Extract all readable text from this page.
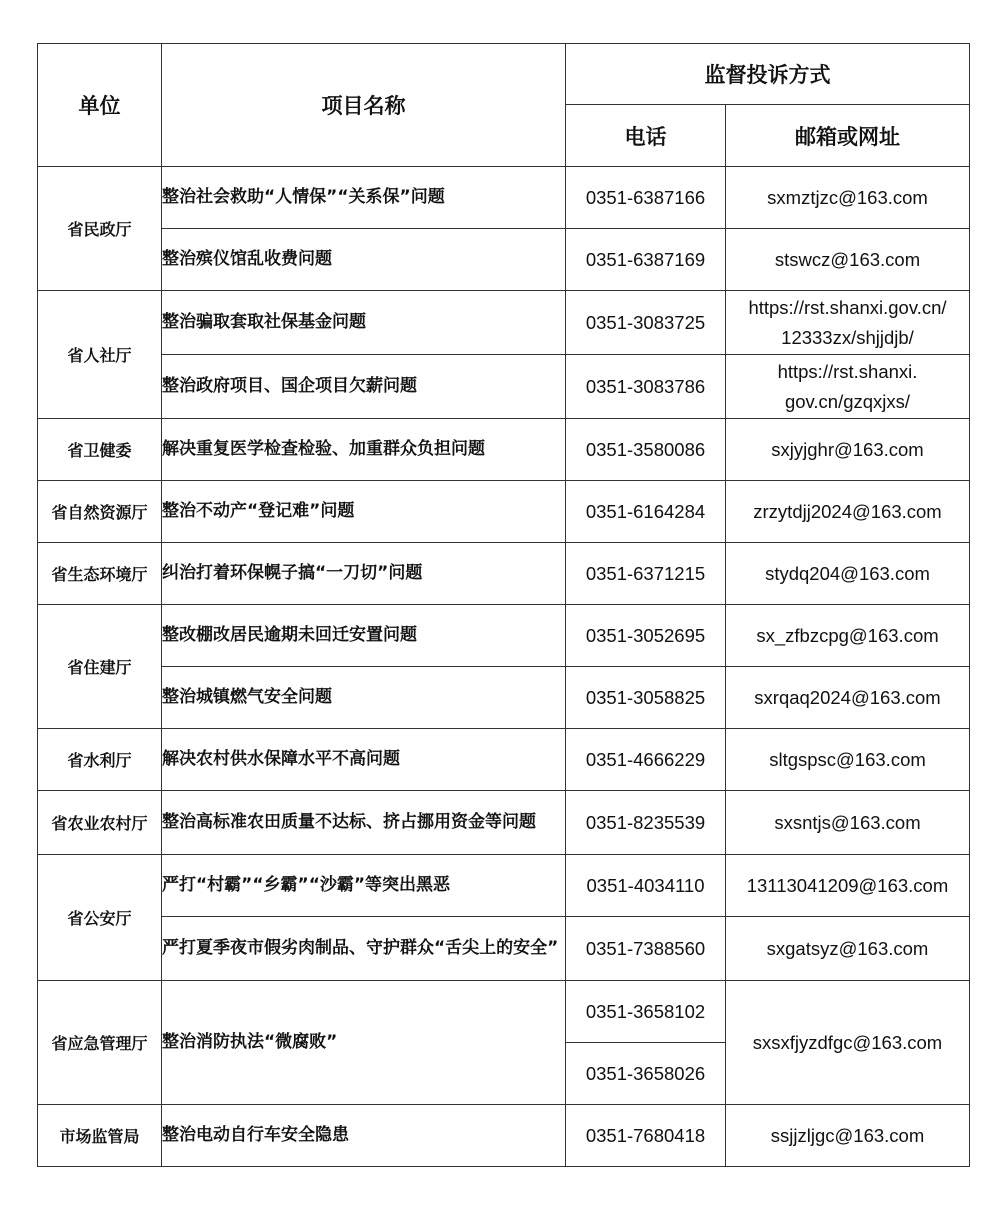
单位	项目名称	监督投诉方式	
		电话	邮箱或网址
省民政厅	整治社会救助“人情保”“关系保”问题	0351-6387166	sxmztjzc@163.com
	整治殡仪馆乱收费问题	0351-6387169	stswcz@163.com
省人社厅	整治骗取套取社保基金问题	0351-3083725	https://rst.shanxi.gov.cn/
12333zx/shjjdjb/

	整治政府项目、国企项目欠薪问题	0351-3083786	https://rst.shanxi.
gov.cn/gzqxjxs/

省卫健委	解决重复医学检查检验、加重群众负担问题	0351-3580086	sxjyjghr@163.com
省自然资源厅	整治不动产“登记难”问题	0351-6164284	zrzytdjj2024@163.com
省生态环境厅	纠治打着环保幌子搞“一刀切”问题	0351-6371215	stydq204@163.com
省住建厅	整改棚改居民逾期未回迁安置问题	0351-3052695	sx_zfbzcpg@163.com
	整治城镇燃气安全问题	0351-3058825	sxrqaq2024@163.com
省水利厅	解决农村供水保障水平不高问题	0351-4666229	sltgspsc@163.com
省农业农村厅	整治高标准农田质量不达标、挤占挪用资金等问题	0351-8235539	sxsntjs@163.com
省公安厅	严打“村霸”“乡霸”“沙霸”等突出黑恶	0351-4034110	13113041209@163.com
	严打夏季夜市假劣肉制品、守护群众“舌尖上的安全”	0351-7388560	sxgatsyz@163.com
省应急管理厅	整治消防执法“微腐败”	0351-3658102	sxsxfjyzdfgc@163.com
		0351-3658026	
市场监管局	整治电动自行车安全隐患	0351-7680418	ssjjzljgc@163.com
